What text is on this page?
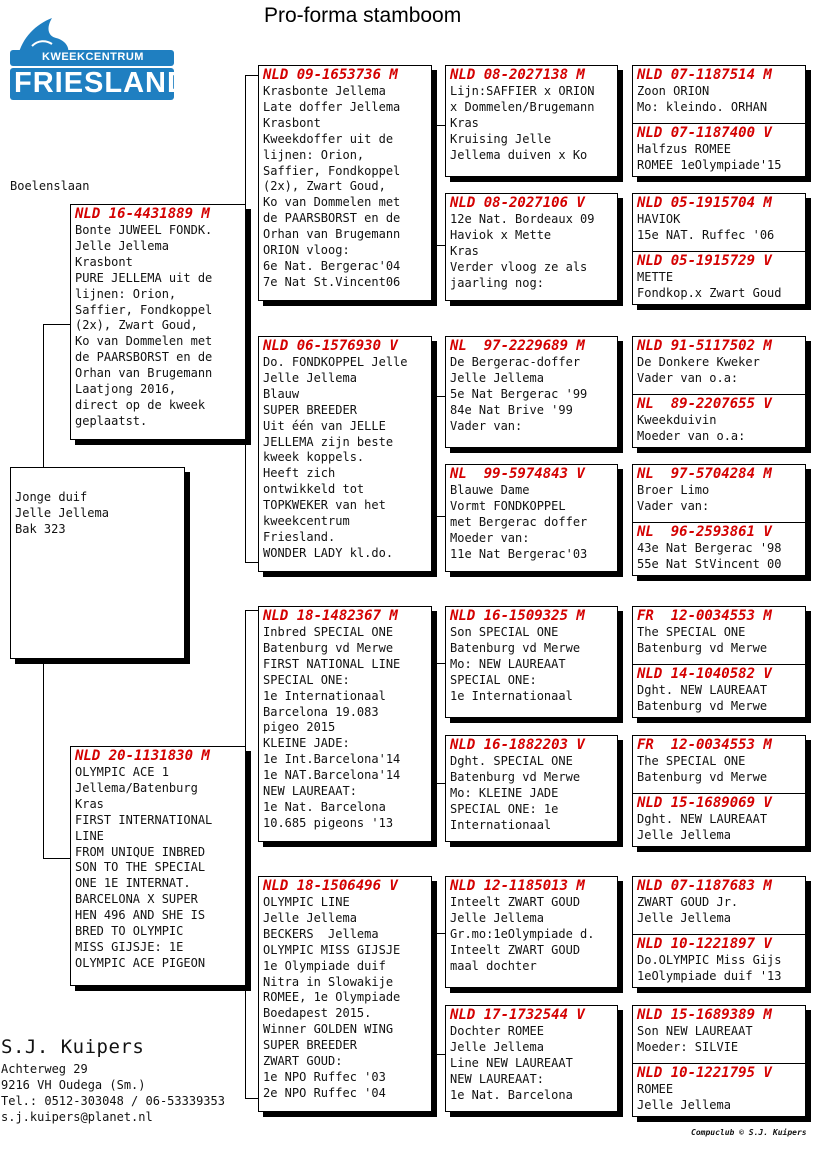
Pro-forma stamboom
KWEEKCENTRUM
FRIESLAND
Boelenslaan
Jonge duif
Jelle Jellema
Bak 323
NLD 16-4431889 M
Bonte JUWEEL FONDK.
Jelle Jellema
Krasbont
PURE JELLEMA uit de
lijnen: Orion,
Saffier, Fondkoppel
(2x), Zwart Goud,
Ko van Dommelen met
de PAARSBORST en de
Orhan van Brugemann
Laatjong 2016,
direct op de kweek
geplaatst.
NLD 20-1131830 M
OLYMPIC ACE 1
Jellema/Batenburg
Kras
FIRST INTERNATIONAL
LINE
FROM UNIQUE INBRED
SON TO THE SPECIAL
ONE 1E INTERNAT.
BARCELONA X SUPER
HEN 496 AND SHE IS
BRED TO OLYMPIC
MISS GIJSJE: 1E
OLYMPIC ACE PIGEON
NLD 09-1653736 M
Krasbonte Jellema
Late doffer Jellema
Krasbont
Kweekdoffer uit de
lijnen: Orion,
Saffier, Fondkoppel
(2x), Zwart Goud,
Ko van Dommelen met
de PAARSBORST en de
Orhan van Brugemann
ORION vloog:
6e Nat. Bergerac'04
7e Nat St.Vincent06
NLD 06-1576930 V
Do. FONDKOPPEL Jelle
Jelle Jellema
Blauw
SUPER BREEDER
Uit één van JELLE
JELLEMA zijn beste
kweek koppels.
Heeft zich
ontwikkeld tot
TOPKWEKER van het
kweekcentrum
Friesland.
WONDER LADY kl.do.
NLD 18-1482367 M
Inbred SPECIAL ONE
Batenburg vd Merwe
FIRST NATIONAL LINE
SPECIAL ONE:
1e Internationaal
Barcelona 19.083
pigeo 2015
KLEINE JADE:
1e Int.Barcelona'14
1e NAT.Barcelona'14
NEW LAUREAAT:
1e Nat. Barcelona
10.685 pigeons '13
NLD 18-1506496 V
OLYMPIC LINE
Jelle Jellema
BECKERS  Jellema
OLYMPIC MISS GIJSJE
1e Olympiade duif
Nitra in Slowakije
ROMEE, 1e Olympiade
Boedapest 2015.
Winner GOLDEN WING
SUPER BREEDER
ZWART GOUD:
1e NPO Ruffec '03
2e NPO Ruffec '04
NLD 08-2027138 M
Lijn:SAFFIER x ORION
x Dommelen/Brugemann
Kras
Kruising Jelle
Jellema duiven x Ko
NLD 08-2027106 V
12e Nat. Bordeaux 09
Haviok x Mette
Kras
Verder vloog ze als
jaarling nog:
NL  97-2229689 M
De Bergerac-doffer
Jelle Jellema
5e Nat Bergerac '99
84e Nat Brive '99
Vader van:
NL  99-5974843 V
Blauwe Dame
Vormt FONDKOPPEL
met Bergerac doffer
Moeder van:
11e Nat Bergerac'03
NLD 16-1509325 M
Son SPECIAL ONE
Batenburg vd Merwe
Mo: NEW LAUREAAT
SPECIAL ONE:
1e Internationaal
NLD 16-1882203 V
Dght. SPECIAL ONE
Batenburg vd Merwe
Mo: KLEINE JADE
SPECIAL ONE: 1e
Internationaal
NLD 12-1185013 M
Inteelt ZWART GOUD
Jelle Jellema
Gr.mo:1eOlympiade d.
Inteelt ZWART GOUD
maal dochter
NLD 17-1732544 V
Dochter ROMEE
Jelle Jellema
Line NEW LAUREAAT
NEW LAUREAAT:
1e Nat. Barcelona
NLD 07-1187514 M
Zoon ORION
Mo: kleindo. ORHAN
NLD 07-1187400 V
Halfzus ROMEE
ROMEE 1eOlympiade'15
NLD 05-1915704 M
HAVIOK
15e NAT. Ruffec '06
NLD 05-1915729 V
METTE
Fondkop.x Zwart Goud
NLD 91-5117502 M
De Donkere Kweker
Vader van o.a:
NL  89-2207655 V
Kweekduivin
Moeder van o.a:
NL  97-5704284 M
Broer Limo
Vader van:
NL  96-2593861 V
43e Nat Bergerac '98
55e Nat StVincent 00
FR  12-0034553 M
The SPECIAL ONE
Batenburg vd Merwe
NLD 14-1040582 V
Dght. NEW LAUREAAT
Batenburg vd Merwe
FR  12-0034553 M
The SPECIAL ONE
Batenburg vd Merwe
NLD 15-1689069 V
Dght. NEW LAUREAAT
Jelle Jellema
NLD 07-1187683 M
ZWART GOUD Jr.
Jelle Jellema
NLD 10-1221897 V
Do.OLYMPIC Miss Gijs
1eOlympiade duif '13
NLD 15-1689389 M
Son NEW LAUREAAT
Moeder: SILVIE
NLD 10-1221795 V
ROMEE
Jelle Jellema
S.J. Kuipers
Achterweg 29
9216 VH Oudega (Sm.)
Tel.: 0512-303048 / 06-53339353
s.j.kuipers@planet.nl
Compuclub © S.J. Kuipers
